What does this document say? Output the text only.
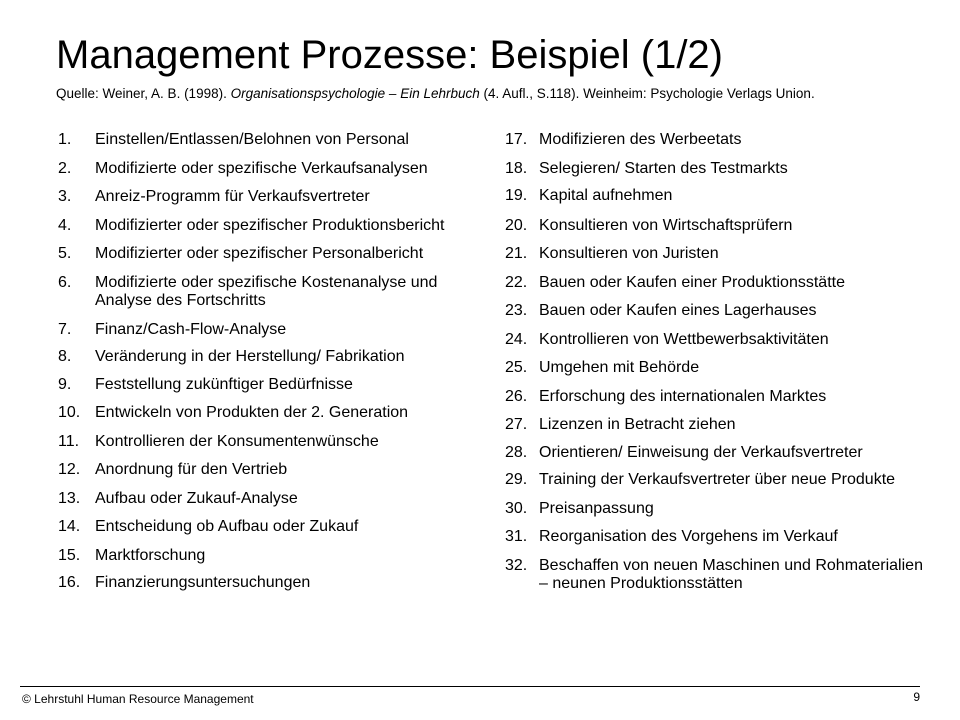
Management Prozesse: Beispiel (1/2)
Quelle: Weiner, A. B. (1998). Organisationspsychologie – Ein Lehrbuch (4. Aufl., S.118). Weinheim: Psychologie Verlags Union.
1.	Einstellen/Entlassen/Belohnen von Personal
2.	Modifizierte oder spezifische Verkaufsanalysen
3.	Anreiz-Programm für Verkaufsvertreter
4.	Modifizierter oder spezifischer Produktionsbericht
5.	Modifizierter oder spezifischer Personalbericht
6.	Modifizierte oder spezifische Kostenanalyse und Analyse des Fortschritts
7.	Finanz/Cash-Flow-Analyse
8.	Veränderung in der Herstellung/ Fabrikation
9.	Feststellung zukünftiger Bedürfnisse
10. Entwickeln von Produkten der 2. Generation
11. Kontrollieren der Konsumentenwünsche
12. Anordnung für den Vertrieb
13. Aufbau oder Zukauf-Analyse
14. Entscheidung ob Aufbau oder Zukauf
15. Marktforschung
16. Finanzierungsuntersuchungen
17. Modifizieren des Werbeetats
18. Selegieren/ Starten des Testmarkts
19. Kapital aufnehmen
20. Konsultieren von Wirtschaftsprüfern
21. Konsultieren von Juristen
22. Bauen oder Kaufen einer Produktionsstätte
23. Bauen oder Kaufen eines Lagerhauses
24. Kontrollieren von Wettbewerbsaktivitäten
25. Umgehen mit Behörde
26. Erforschung des internationalen Marktes
27. Lizenzen in Betracht ziehen
28. Orientieren/ Einweisung der Verkaufsvertreter
29. Training der Verkaufsvertreter über neue Produkte
30. Preisanpassung
31. Reorganisation des Vorgehens im Verkauf
32. Beschaffen von neuen Maschinen und Rohmaterialien – neunen Produktionsstätten
© Lehrstuhl Human Resource Management	9
